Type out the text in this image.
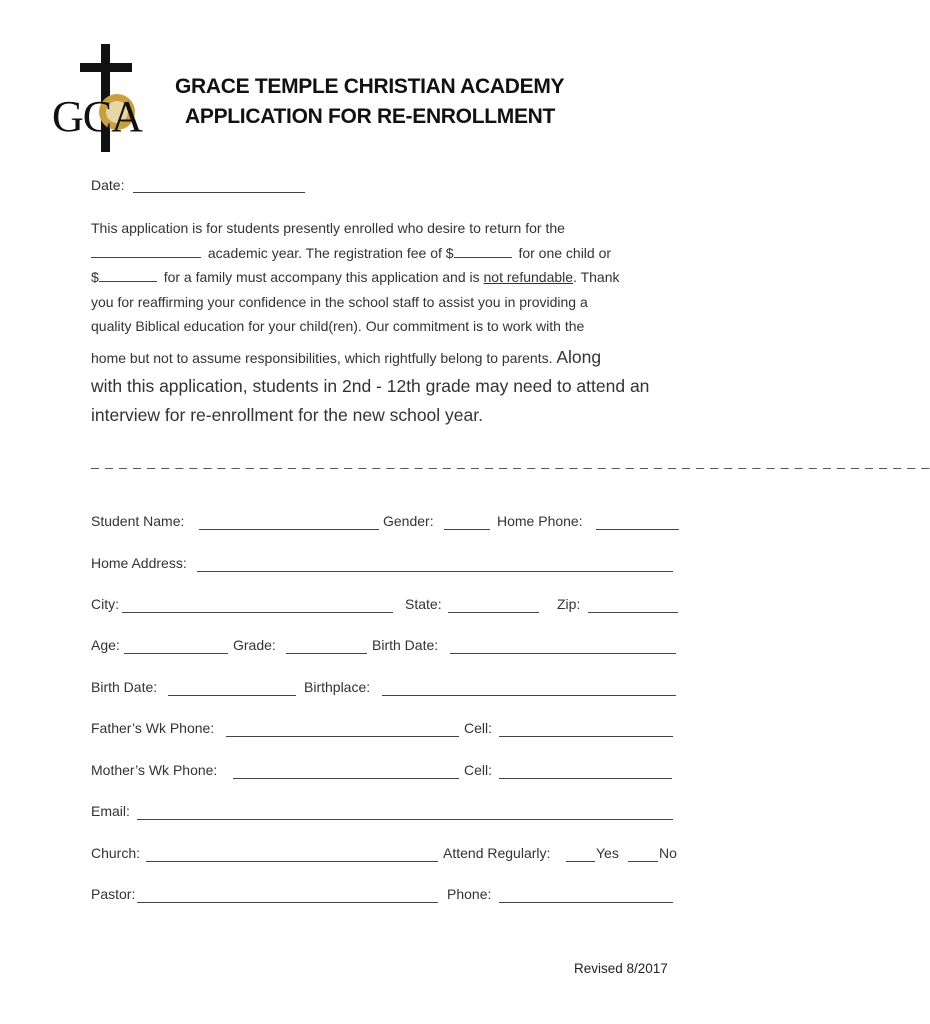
GCA
GRACE TEMPLE CHRISTIAN ACADEMY
APPLICATION FOR RE-ENROLLMENT
Date:
This application is for students presently enrolled who desire to return for the
academic year. The registration fee of $	for one child or
$	for a family must accompany this application and is not refundable. Thank
you for reaffirming your confidence in the school staff to assist you in providing a
quality Biblical education for your child(ren). Our commitment is to work with the
home but not to assume responsibilities, which rightfully belong to parents. Along
with this application, students in 2nd - 12th grade may need to attend an
interview for re-enrollment for the new school year.
_ _ _ _ _ _ _ _ _ _ _ _ _ _ _ _ _ _ _ _ _ _ _ _ _ _ _ _ _ _ _ _ _ _ _ _ _ _ _ _ _ _ _ _ _ _ _ _ _ _ _ _ _ _ _ _ _ _ _ _
Student Name:	Gender:	Home Phone:
Home Address:
City:	State:	Zip:
Age:	Grade:	Birth Date:
Birth Date:	Birthplace:
Father’s Wk Phone:	Cell:
Mother’s Wk Phone:	Cell:
Email:
Church:	Attend Regularly:	Yes	No
Pastor:	Phone:
Revised 8/2017
